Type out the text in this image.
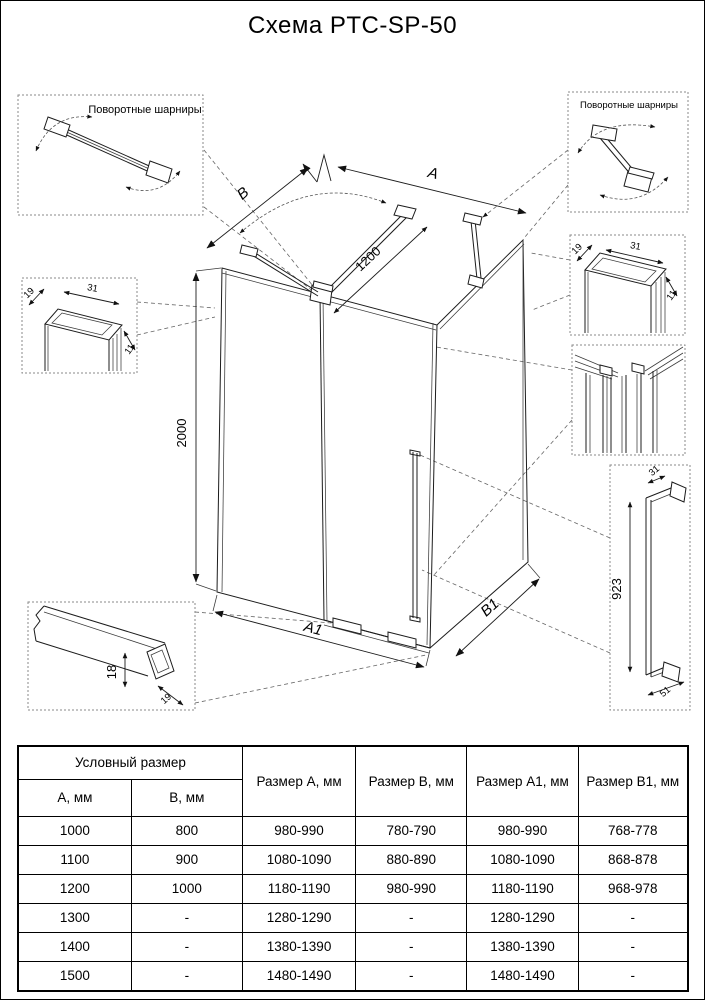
Схема PTC-SP-50
A
B
1200
2000
A1
B1
Поворотные шарниры	Поворотные шарниры
19	31
11
19	31
11
18
19
923
31
51
Условный размер		Размер А, мм	Размер В, мм	Размер А1, мм	Размер В1, мм
А, мм	В, мм				
1000	800	980-990	780-790	980-990	768-778
1100	900	1080-1090	880-890	1080-1090	868-878
1200	1000	1180-1190	980-990	1180-1190	968-978
1300	-	1280-1290	-	1280-1290	-
1400	-	1380-1390	-	1380-1390	-
1500	-	1480-1490	-	1480-1490	-
